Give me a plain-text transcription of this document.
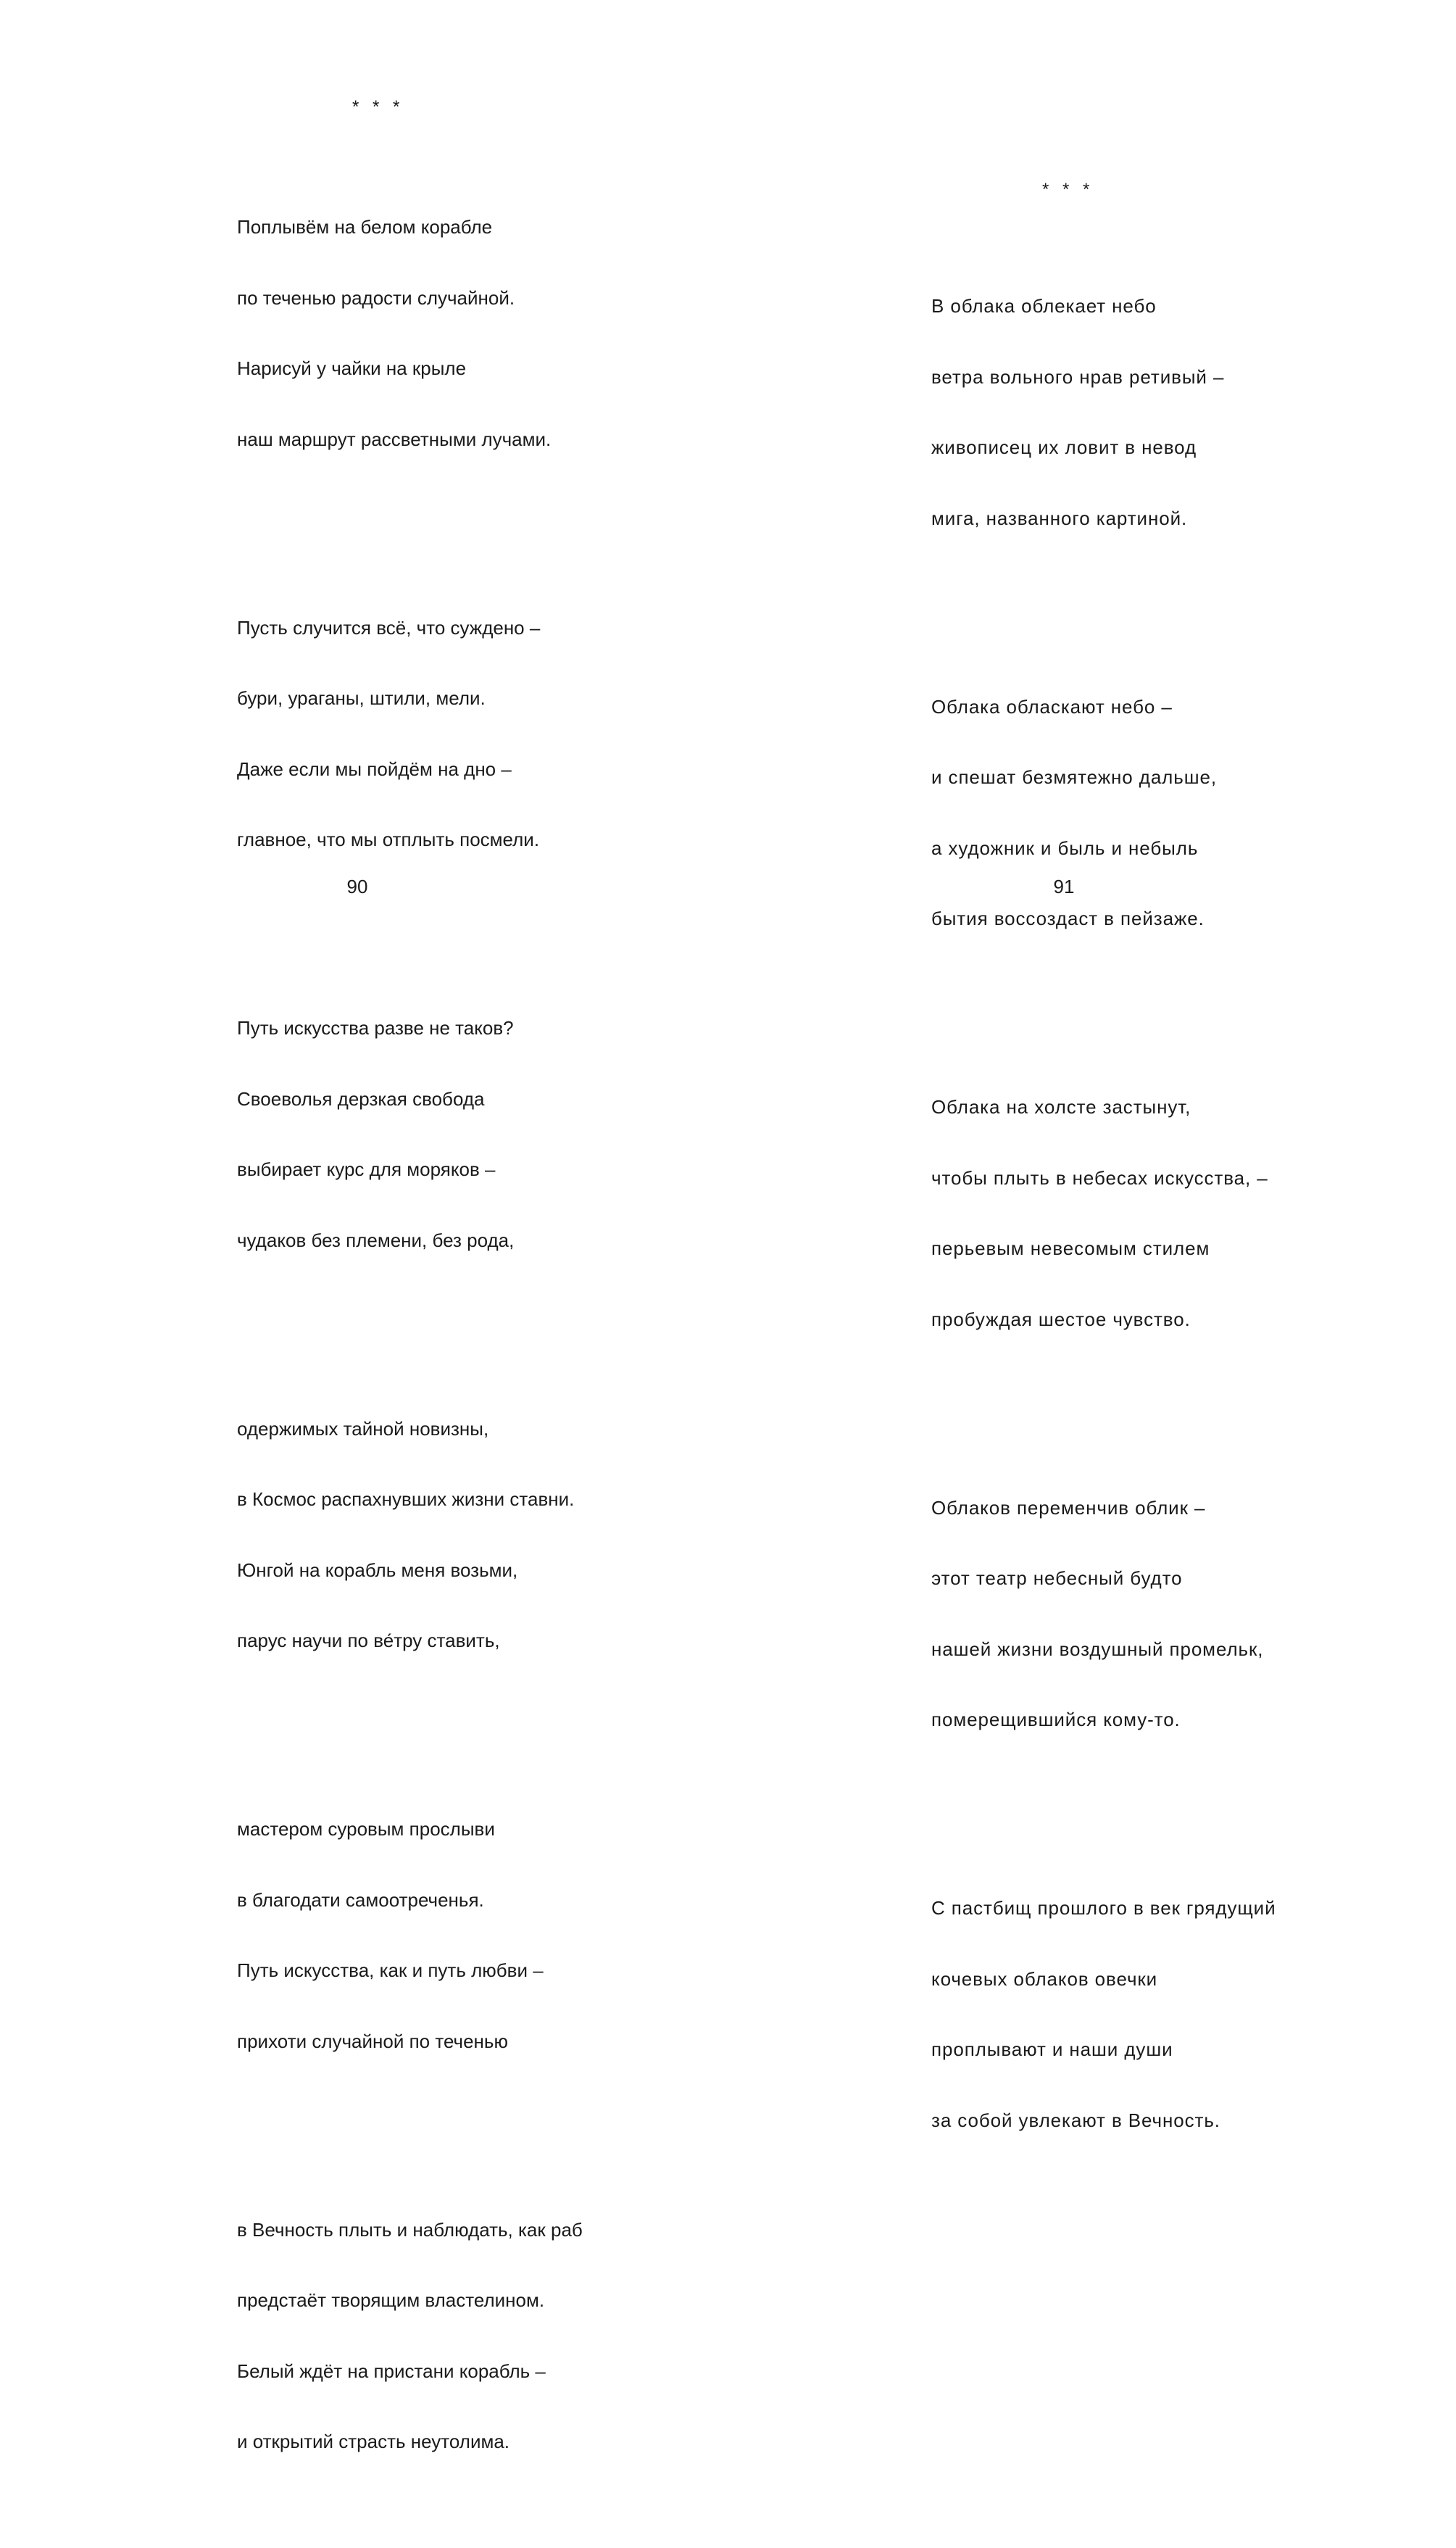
* * *

Поплывём на белом корабле

по теченью радости случайной.

Нарисуй у чайки на крыле

наш маршрут рассветными лучами.

Пусть случится всё, что суждено –

бури, ураганы, штили, мели.

Даже если мы пойдём на дно –

главное, что мы отплыть посмели.

Путь искусства разве не таков?

Своеволья дерзкая свобода

выбирает курс для моряков –

чудаков без племени, без рода,

одержимых тайной новизны,

в Космос распахнувших жизни ставни.

Юнгой на корабль меня возьми,

парус научи по ве́тру ставить,

мастером суровым прослыви

в благодати самоотреченья.

Путь искусства, как и путь любви –

прихоти случайной по теченью

в Вечность плыть и наблюдать, как раб

предстаёт творящим властелином.

Белый ждёт на пристани корабль –

и открытий страсть неутолима.

90
* * *

В облака облекает небо

ветра вольного нрав ретивый –

живописец их ловит в невод

мига, названного картиной.

Облака обласкают небо –

и спешат безмятежно дальше,

а художник и быль и небыль

бытия воссоздаст в пейзаже.

Облака на холсте застынут,

чтобы плыть в небесах искусства, –

перьевым невесомым стилем

пробуждая шестое чувство.

Облаков переменчив облик –

этот театр небесный будто

нашей жизни воздушный промельк,

померещившийся кому-то.

С пастбищ прошлого в век грядущий

кочевых облаков овечки

проплывают и наши души

за собой увлекают в Вечность.

91
